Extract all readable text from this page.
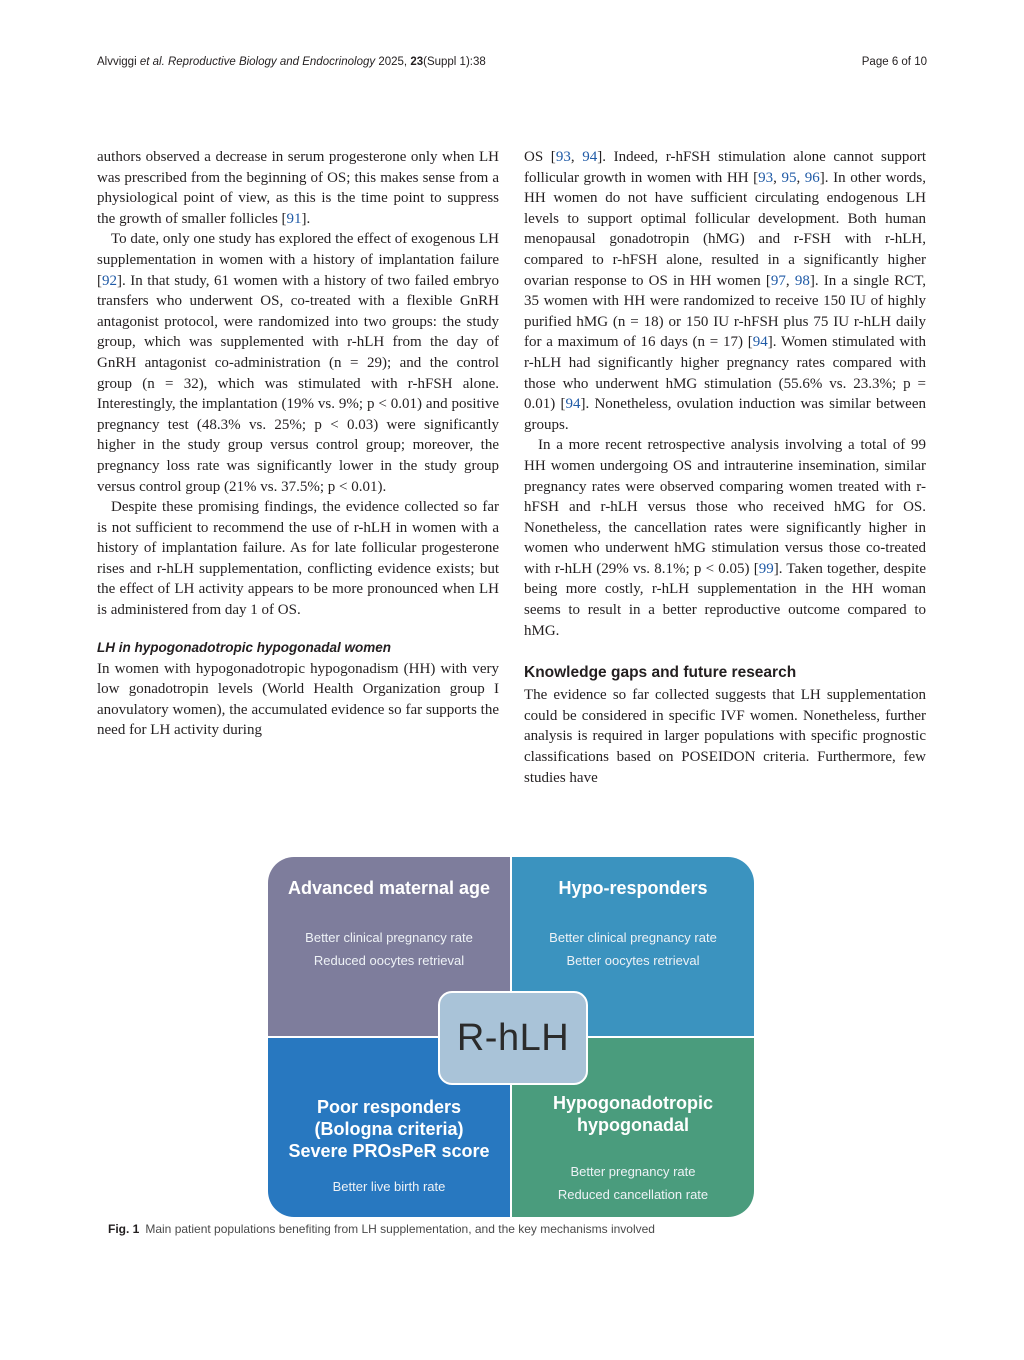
Alvviggi et al. Reproductive Biology and Endocrinology 2025, 23(Suppl 1):38	Page 6 of 10

authors observed a decrease in serum progesterone only when LH was prescribed from the beginning of OS; this makes sense from a physiological point of view, as this is the time point to suppress the growth of smaller follicles [91].

To date, only one study has explored the effect of exogenous LH supplementation in women with a history of implantation failure [92]. In that study, 61 women with a history of two failed embryo transfers who underwent OS, co-treated with a flexible GnRH antagonist protocol, were randomized into two groups: the study group, which was supplemented with r-hLH from the day of GnRH antagonist co-administration (n = 29); and the control group (n = 32), which was stimulated with r-hFSH alone. Interestingly, the implantation (19% vs. 9%; p < 0.01) and positive pregnancy test (48.3% vs. 25%; p < 0.03) were significantly higher in the study group versus control group; moreover, the pregnancy loss rate was significantly lower in the study group versus control group (21% vs. 37.5%; p < 0.01).

Despite these promising findings, the evidence collected so far is not sufficient to recommend the use of r-hLH in women with a history of implantation failure. As for late follicular progesterone rises and r-hLH supplementation, conflicting evidence exists; but the effect of LH activity appears to be more pronounced when LH is administered from day 1 of OS.

LH in hypogonadotropic hypogonadal women

In women with hypogonadotropic hypogonadism (HH) with very low gonadotropin levels (World Health Organization group I anovulatory women), the accumulated evidence so far supports the need for LH activity during

OS [93, 94]. Indeed, r-hFSH stimulation alone cannot support follicular growth in women with HH [93, 95, 96]. In other words, HH women do not have sufficient circulating endogenous LH levels to support optimal follicular development. Both human menopausal gonadotropin (hMG) and r-FSH with r-hLH, compared to r-hFSH alone, resulted in a significantly higher ovarian response to OS in HH women [97, 98]. In a single RCT, 35 women with HH were randomized to receive 150 IU of highly purified hMG (n = 18) or 150 IU r-hFSH plus 75 IU r-hLH daily for a maximum of 16 days (n = 17) [94]. Women stimulated with r-hLH had significantly higher pregnancy rates compared with those who underwent hMG stimulation (55.6% vs. 23.3%; p = 0.01) [94]. Nonetheless, ovulation induction was similar between groups.

In a more recent retrospective analysis involving a total of 99 HH women undergoing OS and intrauterine insemination, similar pregnancy rates were observed comparing women treated with r-hFSH and r-hLH versus those who received hMG for OS. Nonetheless, the cancellation rates were significantly higher in women who underwent hMG stimulation versus those co-treated with r-hLH (29% vs. 8.1%; p < 0.05) [99]. Taken together, despite being more costly, r-hLH supplementation in the HH woman seems to result in a better reproductive outcome compared to hMG.

Knowledge gaps and future research

The evidence so far collected suggests that LH supplementation could be considered in specific IVF women. Nonetheless, further analysis is required in larger populations with specific prognostic classifications based on POSEIDON criteria. Furthermore, few studies have

Advanced maternal age
Better clinical pregnancy rate
Reduced oocytes retrieval
Hypo-responders
Better clinical pregnancy rate
Better oocytes retrieval
Poor responders
(Bologna criteria)
Severe PROsPeR score
Better live birth rate
Hypogonadotropic
hypogonadal
Better pregnancy rate
Reduced cancellation rate
R-hLH
Fig. 1 Main patient populations benefiting from LH supplementation, and the key mechanisms involved
